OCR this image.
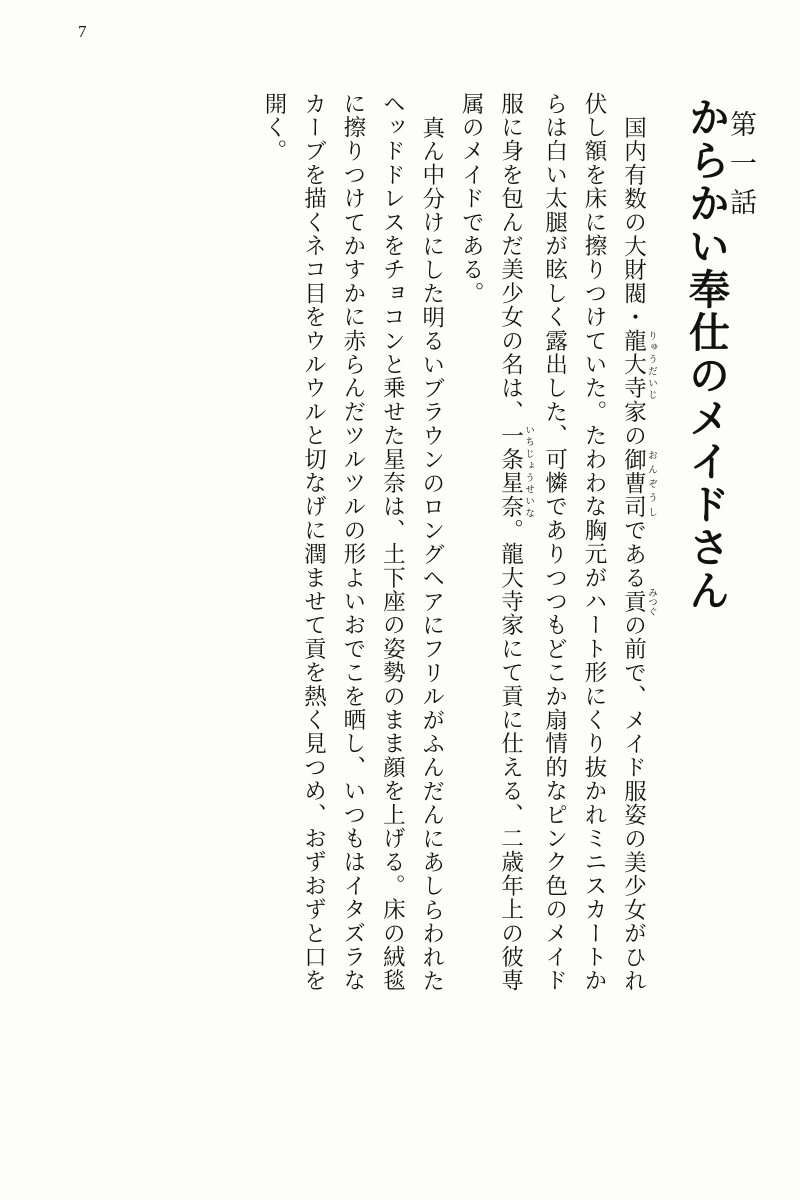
7
第一話
からかい奉仕のメイドさん
国内有数の大財閥・龍大寺 りゅうだいじ家の御曹司 おんぞうしである貢 みつぐの前で、メイド服姿の美少女がひれ
伏し額を床に擦りつけていた。たわわな胸元がハート形にくり抜かれミニスカートか
らは白い太腿が眩しく露出した、可憐でありつつもどこか扇情的なピンク色のメイド
服に身を包んだ美少女の名は、一条星奈 いちじょうせいな。龍大寺家にて貢に仕える、二歳年上の彼専
属のメイドである。
真ん中分けにした明るいブラウンのロングヘアにフリルがふんだんにあしらわれた
ヘッドドレスをチョコンと乗せた星奈は、土下座の姿勢のまま顔を上げる。床の絨毯
に擦りつけてかすかに赤らんだツルツルの形よいおでこを晒し、いつもはイタズラな
カーブを描くネコ目をウルウルと切なげに潤ませて貢を熱く見つめ、おずおずと口を
開く。
